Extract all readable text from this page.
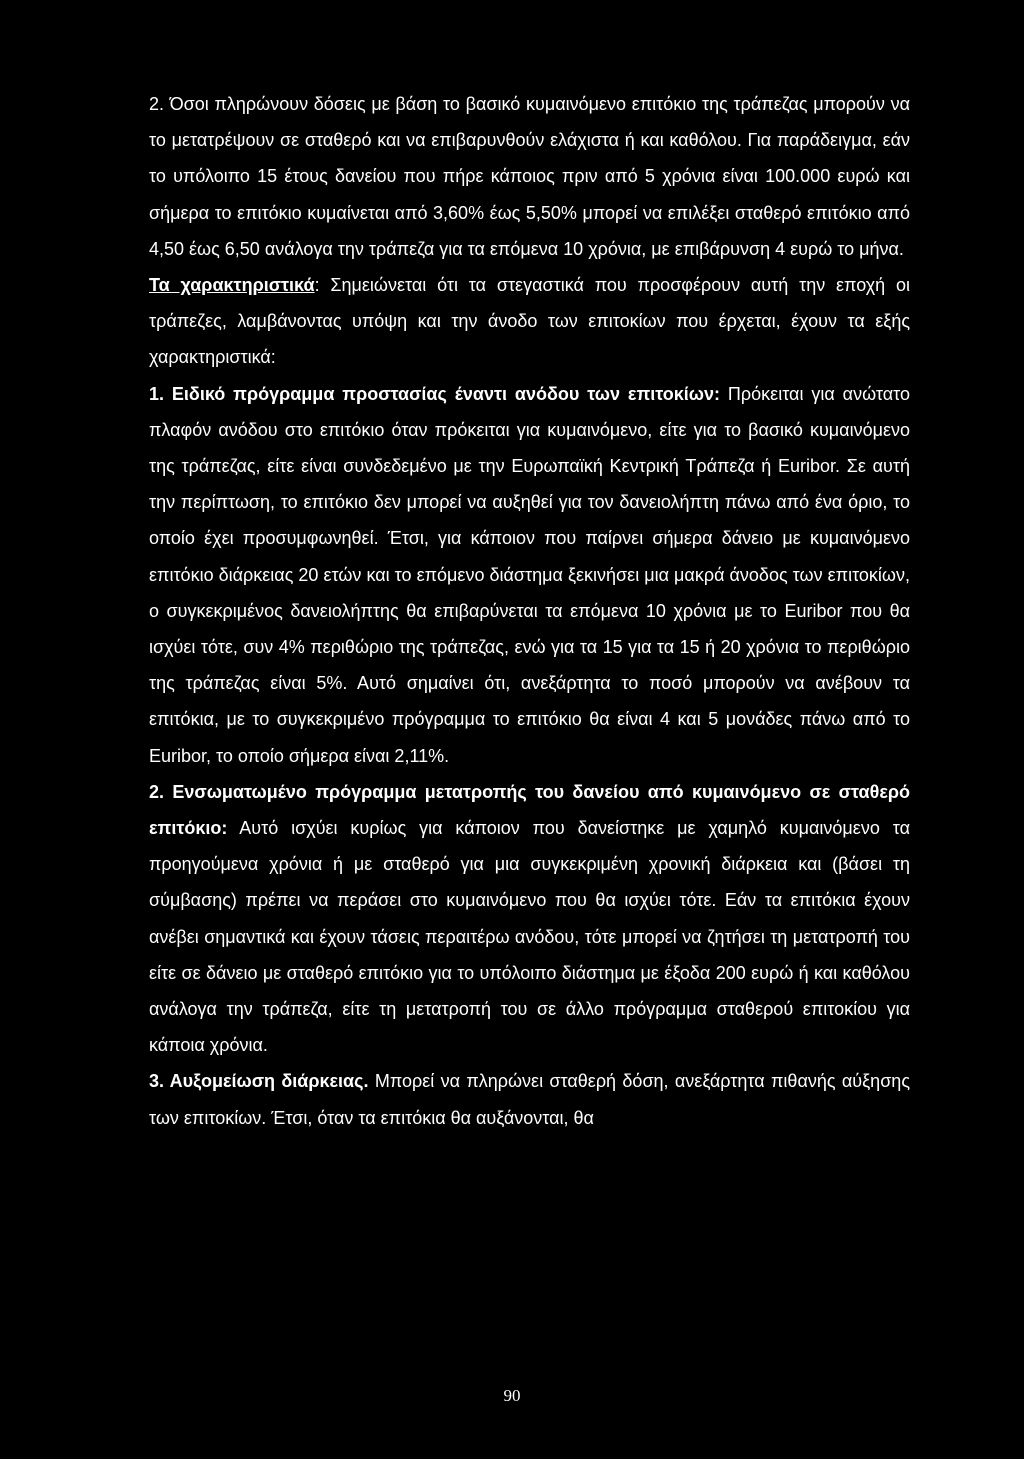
2. Όσοι πληρώνουν δόσεις με βάση το βασικό κυμαινόμενο επιτόκιο της τράπεζας μπορούν να το μετατρέψουν σε σταθερό και να επιβαρυνθούν ελάχιστα ή και καθόλου. Για παράδειγμα, εάν το υπόλοιπο 15 έτους δανείου που πήρε κάποιος πριν από 5 χρόνια είναι 100.000 ευρώ και σήμερα το επιτόκιο κυμαίνεται από 3,60% έως 5,50% μπορεί να επιλέξει σταθερό επιτόκιο από 4,50 έως 6,50 ανάλογα την τράπεζα για τα επόμενα 10 χρόνια, με επιβάρυνση 4 ευρώ το μήνα.

Τα χαρακτηριστικά: Σημειώνεται ότι τα στεγαστικά που προσφέρουν αυτή την εποχή οι τράπεζες, λαμβάνοντας υπόψη και την άνοδο των επιτοκίων που έρχεται, έχουν τα εξής χαρακτηριστικά:

1. Ειδικό πρόγραμμα προστασίας έναντι ανόδου των επιτοκίων: Πρόκειται για ανώτατο πλαφόν ανόδου στο επιτόκιο όταν πρόκειται για κυμαινόμενο, είτε για το βασικό κυμαινόμενο της τράπεζας, είτε είναι συνδεδεμένο με την Ευρωπαϊκή Κεντρική Τράπεζα ή Euribor. Σε αυτή την περίπτωση, το επιτόκιο δεν μπορεί να αυξηθεί για τον δανειολήπτη πάνω από ένα όριο, το οποίο έχει προσυμφωνηθεί. Έτσι, για κάποιον που παίρνει σήμερα δάνειο με κυμαινόμενο επιτόκιο διάρκειας 20 ετών και το επόμενο διάστημα ξεκινήσει μια μακρά άνοδος των επιτοκίων, ο συγκεκριμένος δανειολήπτης θα επιβαρύνεται τα επόμενα 10 χρόνια με το Euribor που θα ισχύει τότε, συν 4% περιθώριο της τράπεζας, ενώ για τα 15 για τα 15 ή 20 χρόνια το περιθώριο της τράπεζας είναι 5%. Αυτό σημαίνει ότι, ανεξάρτητα το ποσό μπορούν να ανέβουν τα επιτόκια, με το συγκεκριμένο πρόγραμμα το επιτόκιο θα είναι 4 και 5 μονάδες πάνω από το Euribor, το οποίο σήμερα είναι 2,11%.

2. Ενσωματωμένο πρόγραμμα μετατροπής του δανείου από κυμαινόμενο σε σταθερό επιτόκιο: Αυτό ισχύει κυρίως για κάποιον που δανείστηκε με χαμηλό κυμαινόμενο τα προηγούμενα χρόνια ή με σταθερό για μια συγκεκριμένη χρονική διάρκεια και (βάσει τη σύμβασης) πρέπει να περάσει στο κυμαινόμενο που θα ισχύει τότε. Εάν τα επιτόκια έχουν ανέβει σημαντικά και έχουν τάσεις περαιτέρω ανόδου, τότε μπορεί να ζητήσει τη μετατροπή του είτε σε δάνειο με σταθερό επιτόκιο για το υπόλοιπο διάστημα με έξοδα 200 ευρώ ή και καθόλου ανάλογα την τράπεζα, είτε τη μετατροπή του σε άλλο πρόγραμμα σταθερού επιτοκίου για κάποια χρόνια.

3. Αυξομείωση διάρκειας. Μπορεί να πληρώνει σταθερή δόση, ανεξάρτητα πιθανής αύξησης των επιτοκίων. Έτσι, όταν τα επιτόκια θα αυξάνονται, θα

90
